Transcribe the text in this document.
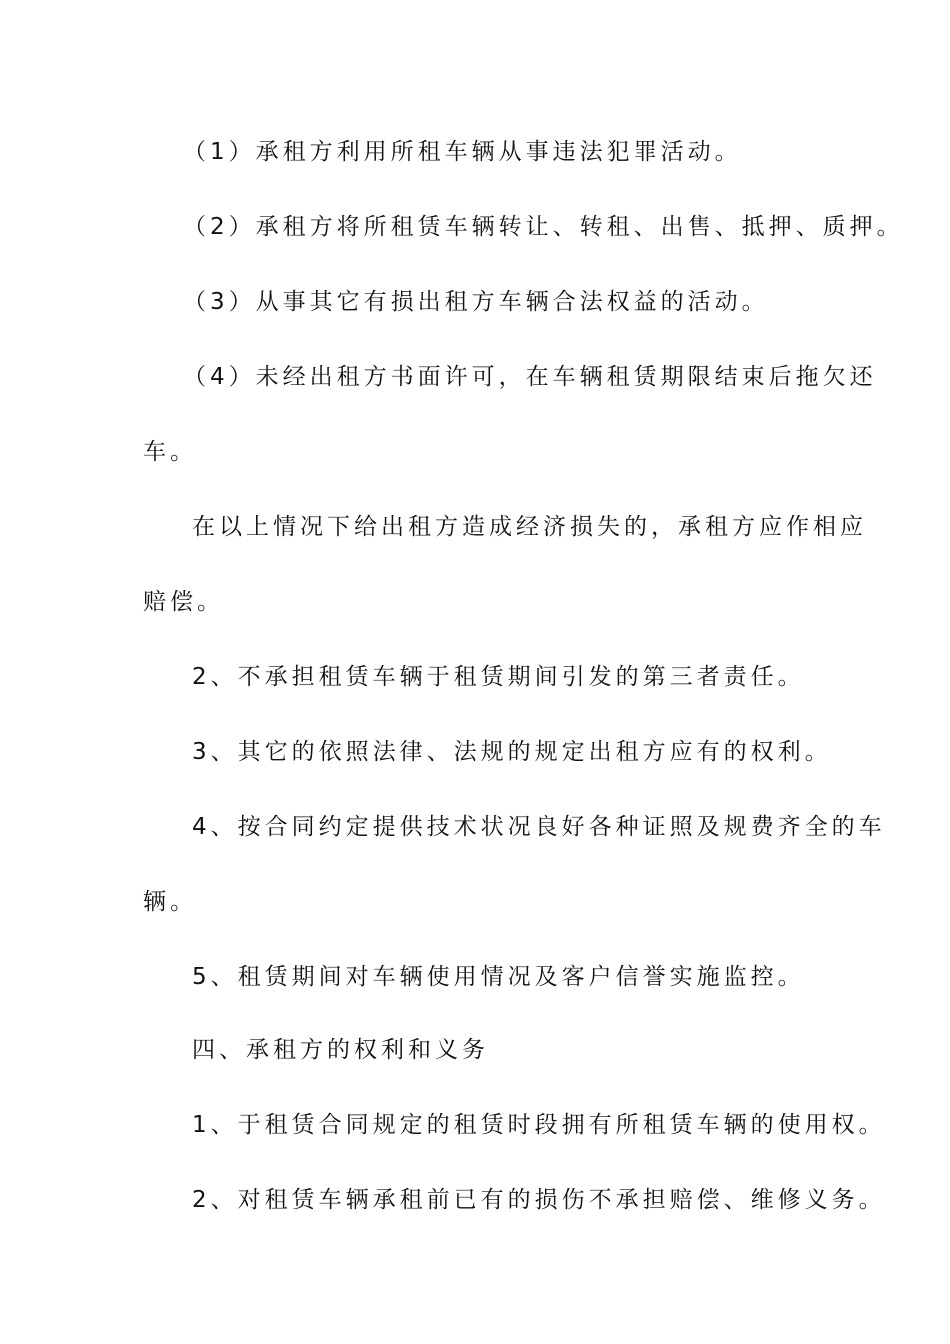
（1）承租方利用所租车辆从事违法犯罪活动。
（2）承租方将所租赁车辆转让、转租、出售、抵押、质押。
（3）从事其它有损出租方车辆合法权益的活动。
（4）未经出租方书面许可，在车辆租赁期限结束后拖欠还
车。
在以上情况下给出租方造成经济损失的，承租方应作相应
赔偿。
2、不承担租赁车辆于租赁期间引发的第三者责任。
3、其它的依照法律、法规的规定出租方应有的权利。
4、按合同约定提供技术状况良好各种证照及规费齐全的车
辆。
5、租赁期间对车辆使用情况及客户信誉实施监控。
四、承租方的权利和义务
1、于租赁合同规定的租赁时段拥有所租赁车辆的使用权。
2、对租赁车辆承租前已有的损伤不承担赔偿、维修义务。
